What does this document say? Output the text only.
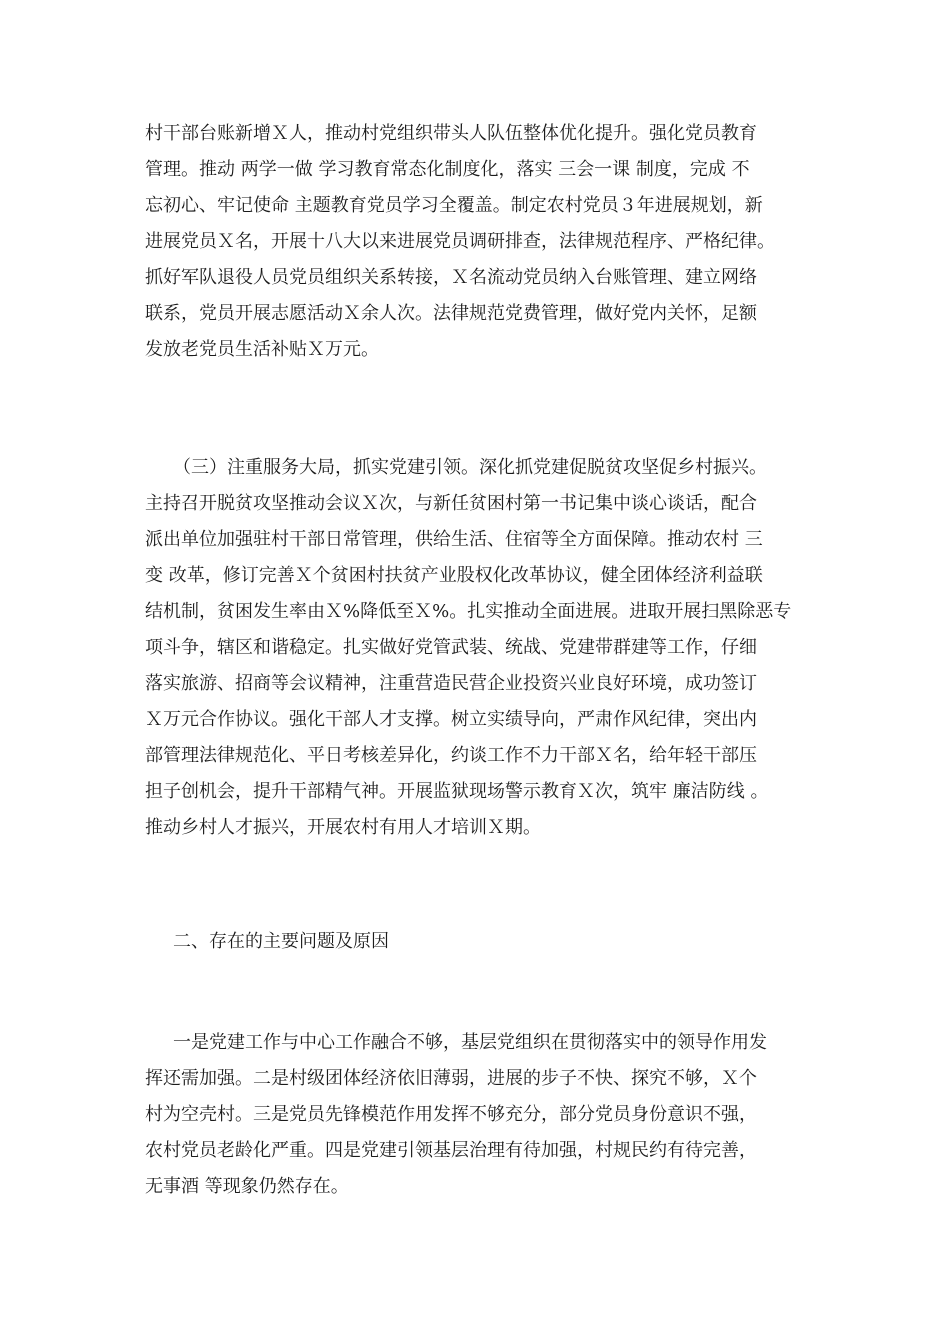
村干部台账新增Ｘ人，推动村党组织带头人队伍整体优化提升。强化党员教育
管理。推动 两学一做 学习教育常态化制度化，落实 三会一课 制度，完成 不
忘初心、牢记使命 主题教育党员学习全覆盖。制定农村党员３年进展规划，新
进展党员Ｘ名，开展十八大以来进展党员调研排查，法律规范程序、严格纪律。
抓好军队退役人员党员组织关系转接，Ｘ名流动党员纳入台账管理、建立网络
联系，党员开展志愿活动Ｘ余人次。法律规范党费管理，做好党内关怀，足额
发放老党员生活补贴Ｘ万元。
（三）注重服务大局，抓实党建引领。深化抓党建促脱贫攻坚促乡村振兴。
主持召开脱贫攻坚推动会议Ｘ次，与新任贫困村第一书记集中谈心谈话，配合
派出单位加强驻村干部日常管理，供给生活、住宿等全方面保障。推动农村 三
变 改革，修订完善Ｘ个贫困村扶贫产业股权化改革协议，健全团体经济利益联
结机制，贫困发生率由Ｘ%降低至Ｘ%。扎实推动全面进展。进取开展扫黑除恶专
项斗争，辖区和谐稳定。扎实做好党管武装、统战、党建带群建等工作，仔细
落实旅游、招商等会议精神，注重营造民营企业投资兴业良好环境，成功签订
Ｘ万元合作协议。强化干部人才支撑。树立实绩导向，严肃作风纪律，突出内
部管理法律规范化、平日考核差异化，约谈工作不力干部Ｘ名，给年轻干部压
担子创机会，提升干部精气神。开展监狱现场警示教育Ｘ次，筑牢 廉洁防线 。
推动乡村人才振兴，开展农村有用人才培训Ｘ期。
二、存在的主要问题及原因
一是党建工作与中心工作融合不够，基层党组织在贯彻落实中的领导作用发
挥还需加强。二是村级团体经济依旧薄弱，进展的步子不快、探究不够，Ｘ个
村为空壳村。三是党员先锋模范作用发挥不够充分，部分党员身份意识不强，
农村党员老龄化严重。四是党建引领基层治理有待加强，村规民约有待完善，
无事酒 等现象仍然存在。
